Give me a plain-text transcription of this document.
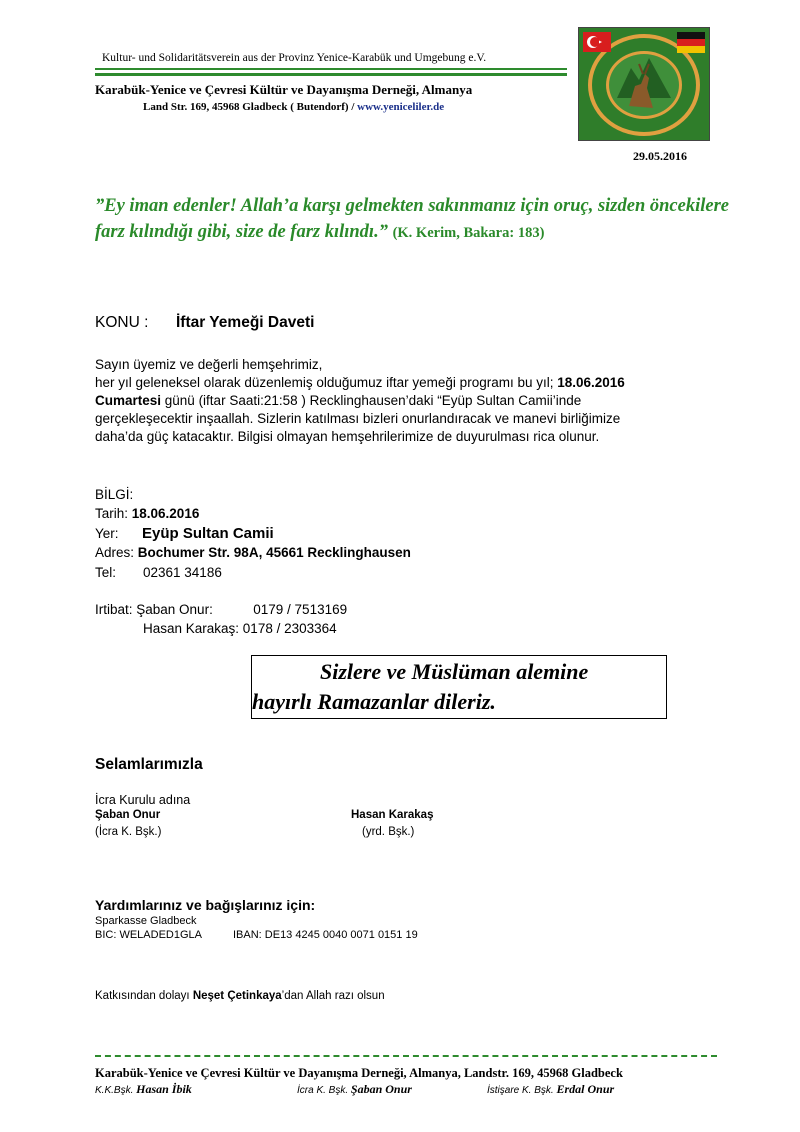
Kultur- und Solidaritätsverein aus der Provinz Yenice-Karabük und Umgebung e.V.
Karabük-Yenice ve Çevresi Kültür ve Dayanışma Derneği, Almanya
Land Str. 169, 45968 Gladbeck ( Butendorf) / www.yeniceliler.de
29.05.2016
”Ey iman edenler! Allah’a karşı gelmekten sakınmanız için oruç, sizden öncekilere farz kılındığı gibi, size de farz kılındı.” (K. Kerim, Bakara: 183)
KONU : İftar Yemeği Daveti
Sayın üyemiz ve değerli hemşehrimiz,
her yıl geleneksel olarak düzenlemiş olduğumuz iftar yemeği programı bu yıl; 18.06.2016
Cumartesi günü (iftar Saati:21:58 ) Recklinghausen’daki “Eyüp Sultan Camii’inde
gerçekleşecektir inşaallah. Sizlerin katılması bizleri onurlandıracak ve manevi birliğimize
daha’da güç katacaktır. Bilgisi olmayan hemşehrilerimize de duyurulması rica olunur.
BİLGİ:
Tarih: 18.06.2016
Yer: Eyüp Sultan Camii
Adres: Bochumer Str. 98A, 45661 Recklinghausen
Tel: 02361 34186
Irtibat: Şaban Onur:	0179 / 7513169
Hasan Karakaş: 0178 / 2303364
Sizlere ve Müslüman alemine
hayırlı Ramazanlar dileriz.
Selamlarımızla
İcra Kurulu adına
Şaban Onur	Hasan Karakaş
(İcra K. Bşk.)	(yrd. Bşk.)
Yardımlarınız ve bağışlarınız için:
Sparkasse Gladbeck
BIC: WELADED1GLA	IBAN: DE13 4245 0040 0071 0151 19
Katkısından dolayı Neşet Çetinkaya’dan Allah razı olsun
Karabük-Yenice ve Çevresi Kültür ve Dayanışma Derneği, Almanya, Landstr. 169, 45968 Gladbeck
K.K.Bşk. Hasan İbik	İcra K. Bşk. Şaban Onur	İstişare K. Bşk. Erdal Onur
